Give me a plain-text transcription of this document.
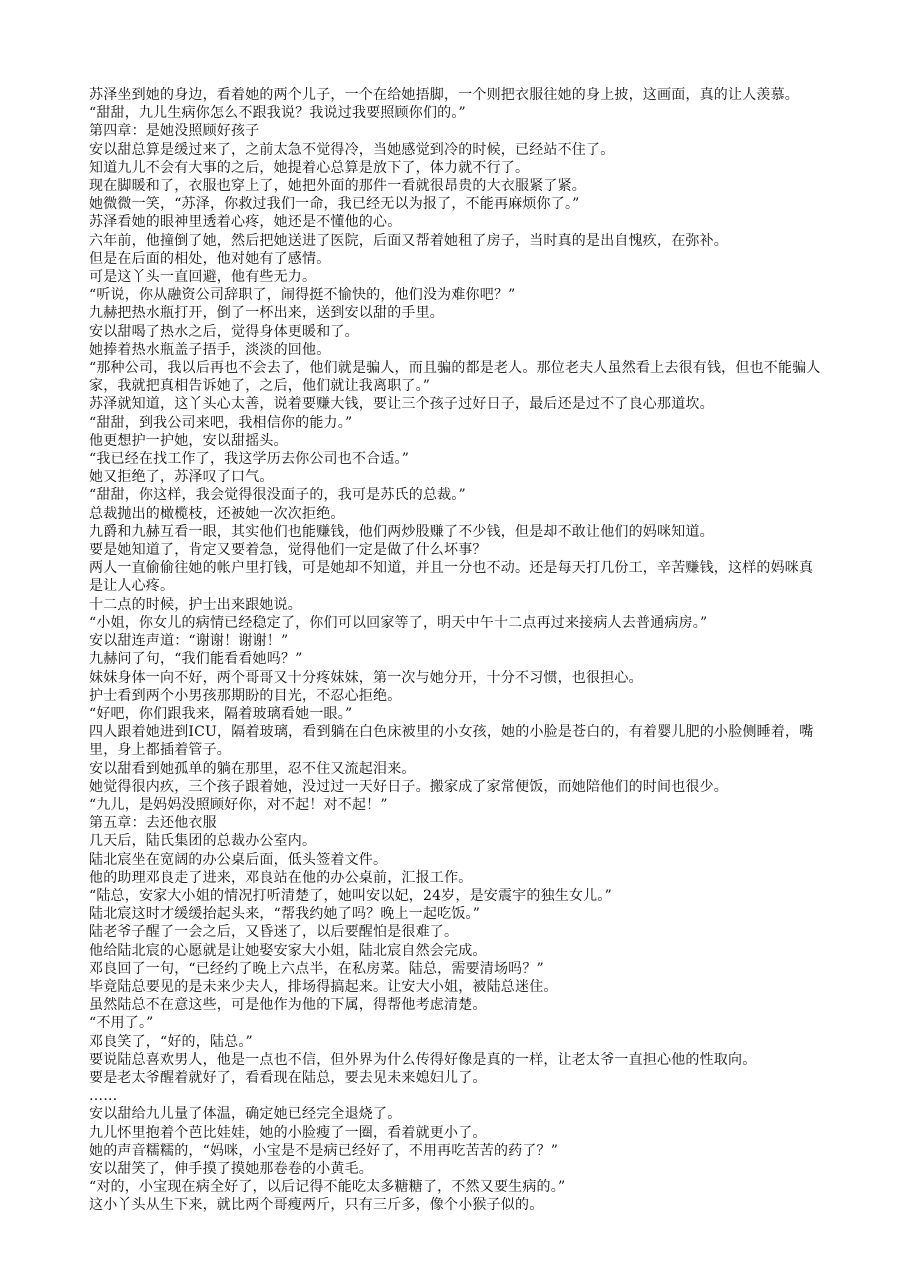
苏泽坐到她的身边，看着她的两个儿子，一个在给她捂脚，一个则把衣服往她的身上披，这画面，真的让人羡慕。

“甜甜，九儿生病你怎么不跟我说？我说过我要照顾你们的。”

第四章：是她没照顾好孩子

安以甜总算是缓过来了，之前太急不觉得冷，当她感觉到冷的时候，已经站不住了。

知道九儿不会有大事的之后，她提着心总算是放下了，体力就不行了。

现在脚暖和了，衣服也穿上了，她把外面的那件一看就很昂贵的大衣服紧了紧。

她微微一笑，“苏泽，你救过我们一命，我已经无以为报了，不能再麻烦你了。”

苏泽看她的眼神里透着心疼，她还是不懂他的心。

六年前，他撞倒了她，然后把她送进了医院，后面又帮着她租了房子，当时真的是出自愧疚，在弥补。

但是在后面的相处，他对她有了感情。

可是这丫头一直回避，他有些无力。

“听说，你从融资公司辞职了，闹得挺不愉快的，他们没为难你吧？”

九赫把热水瓶打开，倒了一杯出来，送到安以甜的手里。

安以甜喝了热水之后，觉得身体更暖和了。

她捧着热水瓶盖子捂手，淡淡的回他。

“那种公司，我以后再也不会去了，他们就是骗人，而且骗的都是老人。那位老夫人虽然看上去很有钱，但也不能骗人家，我就把真相告诉她了，之后，他们就让我离职了。”

苏泽就知道，这丫头心太善，说着要赚大钱，要让三个孩子过好日子，最后还是过不了良心那道坎。

“甜甜，到我公司来吧，我相信你的能力。”

他更想护一护她，安以甜摇头。

“我已经在找工作了，我这学历去你公司也不合适。”

她又拒绝了，苏泽叹了口气。

“甜甜，你这样，我会觉得很没面子的，我可是苏氏的总裁。”

总裁抛出的橄榄枝，还被她一次次拒绝。

九爵和九赫互看一眼，其实他们也能赚钱，他们两炒股赚了不少钱，但是却不敢让他们的妈咪知道。

要是她知道了，肯定又要着急，觉得他们一定是做了什么坏事？

两人一直偷偷往她的帐户里打钱，可是她却不知道，并且一分也不动。还是每天打几份工，辛苦赚钱，这样的妈咪真是让人心疼。

十二点的时候，护士出来跟她说。

“小姐，你女儿的病情已经稳定了，你们可以回家等了，明天中午十二点再过来接病人去普通病房。”

安以甜连声道：“谢谢！谢谢！”

九赫问了句，“我们能看看她吗？”

妹妹身体一向不好，两个哥哥又十分疼妹妹，第一次与她分开，十分不习惯，也很担心。

护士看到两个小男孩那期盼的目光，不忍心拒绝。

“好吧，你们跟我来，隔着玻璃看她一眼。”

四人跟着她进到ICU，隔着玻璃，看到躺在白色床被里的小女孩，她的小脸是苍白的，有着婴儿肥的小脸侧睡着，嘴里，身上都插着管子。

安以甜看到她孤单的躺在那里，忍不住又流起泪来。

她觉得很内疚，三个孩子跟着她，没过过一天好日子。搬家成了家常便饭，而她陪他们的时间也很少。

“九儿，是妈妈没照顾好你，对不起！对不起！”

第五章：去还他衣服

几天后，陆氏集团的总裁办公室内。

陆北宸坐在宽阔的办公桌后面，低头签着文件。

他的助理邓良走了进来，邓良站在他的办公桌前，汇报工作。

“陆总，安家大小姐的情况打听清楚了，她叫安以妃，24岁，是安震宇的独生女儿。”

陆北宸这时才缓缓抬起头来，“帮我约她了吗？晚上一起吃饭。”

陆老爷子醒了一会之后，又昏迷了，以后要醒怕是很难了。

他给陆北宸的心愿就是让她娶安家大小姐，陆北宸自然会完成。

邓良回了一句，“已经约了晚上六点半，在私房菜。陆总，需要清场吗？”

毕竟陆总要见的是未来少夫人，排场得搞起来。让安大小姐，被陆总迷住。

虽然陆总不在意这些，可是他作为他的下属，得帮他考虑清楚。

“不用了。”

邓良笑了，“好的，陆总。”

要说陆总喜欢男人，他是一点也不信，但外界为什么传得好像是真的一样，让老太爷一直担心他的性取向。

要是老太爷醒着就好了，看看现在陆总，要去见未来媳妇儿了。

……

安以甜给九儿量了体温，确定她已经完全退烧了。

九儿怀里抱着个芭比娃娃，她的小脸瘦了一圈，看着就更小了。

她的声音糯糯的，“妈咪，小宝是不是病已经好了，不用再吃苦苦的药了？”

安以甜笑了，伸手摸了摸她那卷卷的小黄毛。

“对的，小宝现在病全好了，以后记得不能吃太多糖糖了，不然又要生病的。”

这小丫头从生下来，就比两个哥瘦两斤，只有三斤多，像个小猴子似的。
